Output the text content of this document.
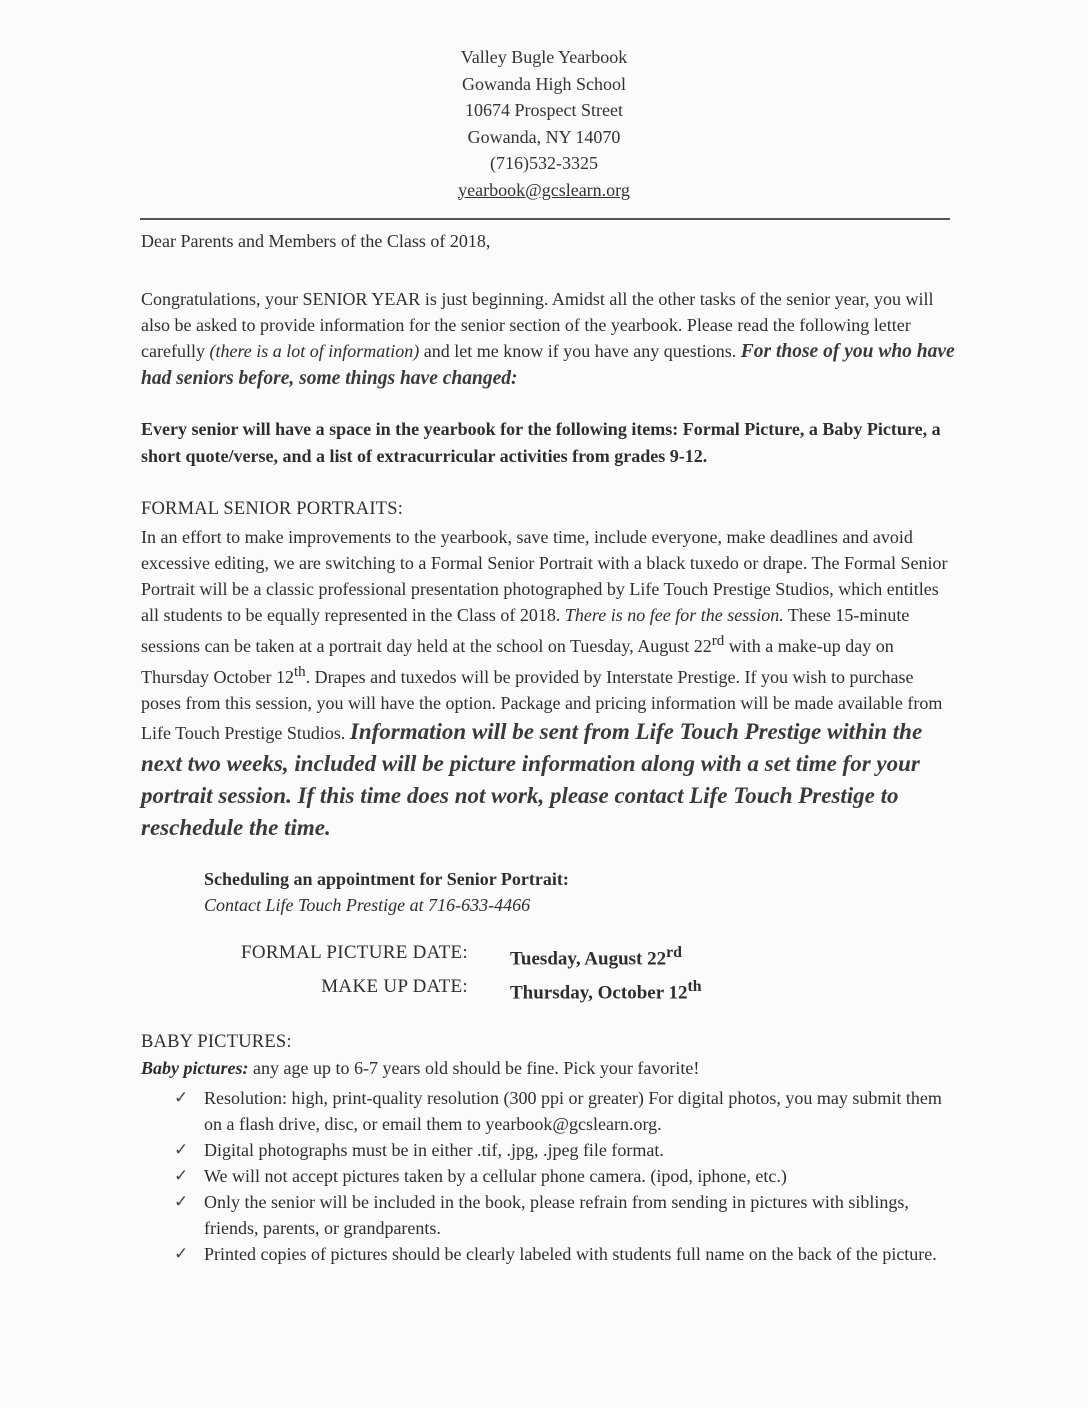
Valley Bugle Yearbook
Gowanda High School
10674 Prospect Street
Gowanda, NY 14070
(716)532-3325
yearbook@gcslearn.org

Dear Parents and Members of the Class of 2018,

Congratulations, your SENIOR YEAR is just beginning. Amidst all the other tasks of the senior year, you will also be asked to provide information for the senior section of the yearbook. Please read the following letter carefully (there is a lot of information) and let me know if you have any questions. For those of you who have had seniors before, some things have changed:

Every senior will have a space in the yearbook for the following items: Formal Picture, a Baby Picture, a short quote/verse, and a list of extracurricular activities from grades 9-12.

FORMAL SENIOR PORTRAITS:

In an effort to make improvements to the yearbook, save time, include everyone, make deadlines and avoid excessive editing, we are switching to a Formal Senior Portrait with a black tuxedo or drape. The Formal Senior Portrait will be a classic professional presentation photographed by Life Touch Prestige Studios, which entitles all students to be equally represented in the Class of 2018. There is no fee for the session. These 15-minute sessions can be taken at a portrait day held at the school on Tuesday, August 22rd with a make-up day on Thursday October 12th. Drapes and tuxedos will be provided by Interstate Prestige. If you wish to purchase poses from this session, you will have the option. Package and pricing information will be made available from Life Touch Prestige Studios. Information will be sent from Life Touch Prestige within the next two weeks, included will be picture information along with a set time for your portrait session. If this time does not work, please contact Life Touch Prestige to reschedule the time.

Scheduling an appointment for Senior Portrait:
Contact Life Touch Prestige at 716-633-4466
FORMAL PICTURE DATE:	Tuesday, August 22rd
MAKE UP DATE:	Thursday, October 12th

BABY PICTURES:

Baby pictures: any age up to 6-7 years old should be fine. Pick your favorite!

✓ Resolution: high, print-quality resolution (300 ppi or greater) For digital photos, you may submit them on a flash drive, disc, or email them to yearbook@gcslearn.org.
✓ Digital photographs must be in either .tif, .jpg, .jpeg file format.
✓ We will not accept pictures taken by a cellular phone camera. (ipod, iphone, etc.)
✓ Only the senior will be included in the book, please refrain from sending in pictures with siblings, friends, parents, or grandparents.
✓ Printed copies of pictures should be clearly labeled with students full name on the back of the picture.
